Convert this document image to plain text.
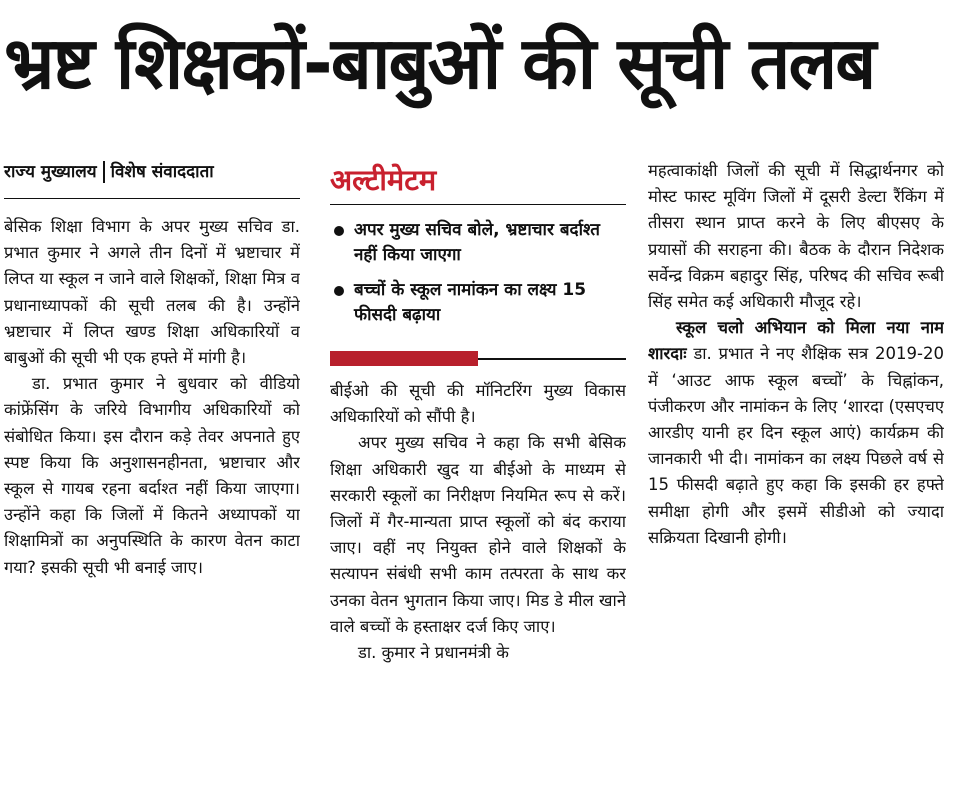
भ्रष्ट शिक्षकों-बाबुओं की सूची तलब
राज्य मुख्यालय विशेष संवाददाता

बेसिक शिक्षा विभाग के अपर मुख्य सचिव डा. प्रभात कुमार ने अगले तीन दिनों में भ्रष्टाचार में लिप्त या स्कूल न जाने वाले शिक्षकों, शिक्षा मित्र व प्रधानाध्यापकों की सूची तलब की है। उन्होंने भ्रष्टाचार में लिप्त खण्ड शिक्षा अधिकारियों व बाबुओं की सूची भी एक हफ्ते में मांगी है।

डा. प्रभात कुमार ने बुधवार को वीडियो कांफ्रेंसिंग के जरिये विभागीय अधिकारियों को संबोधित किया। इस दौरान कड़े तेवर अपनाते हुए स्पष्ट किया कि अनुशासनहीनता, भ्रष्टाचार और स्कूल से गायब रहना बर्दाश्त नहीं किया जाएगा। उन्होंने कहा कि जिलों में कितने अध्यापकों या शिक्षामित्रों का अनुपस्थिति के कारण वेतन काटा गया? इसकी सूची भी बनाई जाए।

अल्टीमेटम
अपर मुख्य सचिव बोले, भ्रष्टाचार बर्दाश्त नहीं किया जाएगा
बच्चों के स्कूल नामांकन का लक्ष्य 15 फीसदी बढ़ाया

बीईओ की सूची की मॉनिटरिंग मुख्य विकास अधिकारियों को सौंपी है।

अपर मुख्य सचिव ने कहा कि सभी बेसिक शिक्षा अधिकारी खुद या बीईओ के माध्यम से सरकारी स्कूलों का निरीक्षण नियमित रूप से करें। जिलों में गैर-मान्यता प्राप्त स्कूलों को बंद कराया जाए। वहीं नए नियुक्त होने वाले शिक्षकों के सत्यापन संबंधी सभी काम तत्परता के साथ कर उनका वेतन भुगतान किया जाए। मिड डे मील खाने वाले बच्चों के हस्ताक्षर दर्ज किए जाए।

डा. कुमार ने प्रधानमंत्री के

महत्वाकांक्षी जिलों की सूची में सिद्धार्थनगर को मोस्ट फास्ट मूविंग जिलों में दूसरी डेल्टा रैंकिंग में तीसरा स्थान प्राप्त करने के लिए बीएसए के प्रयासों की सराहना की। बैठक के दौरान निदेशक सर्वेन्द्र विक्रम बहादुर सिंह, परिषद की सचिव रूबी सिंह समेत कई अधिकारी मौजूद रहे।

स्कूल चलो अभियान को मिला नया नाम शारदाः डा. प्रभात ने नए शैक्षिक सत्र 2019-20 में ‘आउट आफ स्कूल बच्चों’ के चिह्नांकन, पंजीकरण और नामांकन के लिए ‘शारदा (एसएचए आरडीए यानी हर दिन स्कूल आएं) कार्यक्रम की जानकारी भी दी। नामांकन का लक्ष्य पिछले वर्ष से 15 फीसदी बढ़ाते हुए कहा कि इसकी हर हफ्ते समीक्षा होगी और इसमें सीडीओ को ज्यादा सक्रियता दिखानी होगी।
